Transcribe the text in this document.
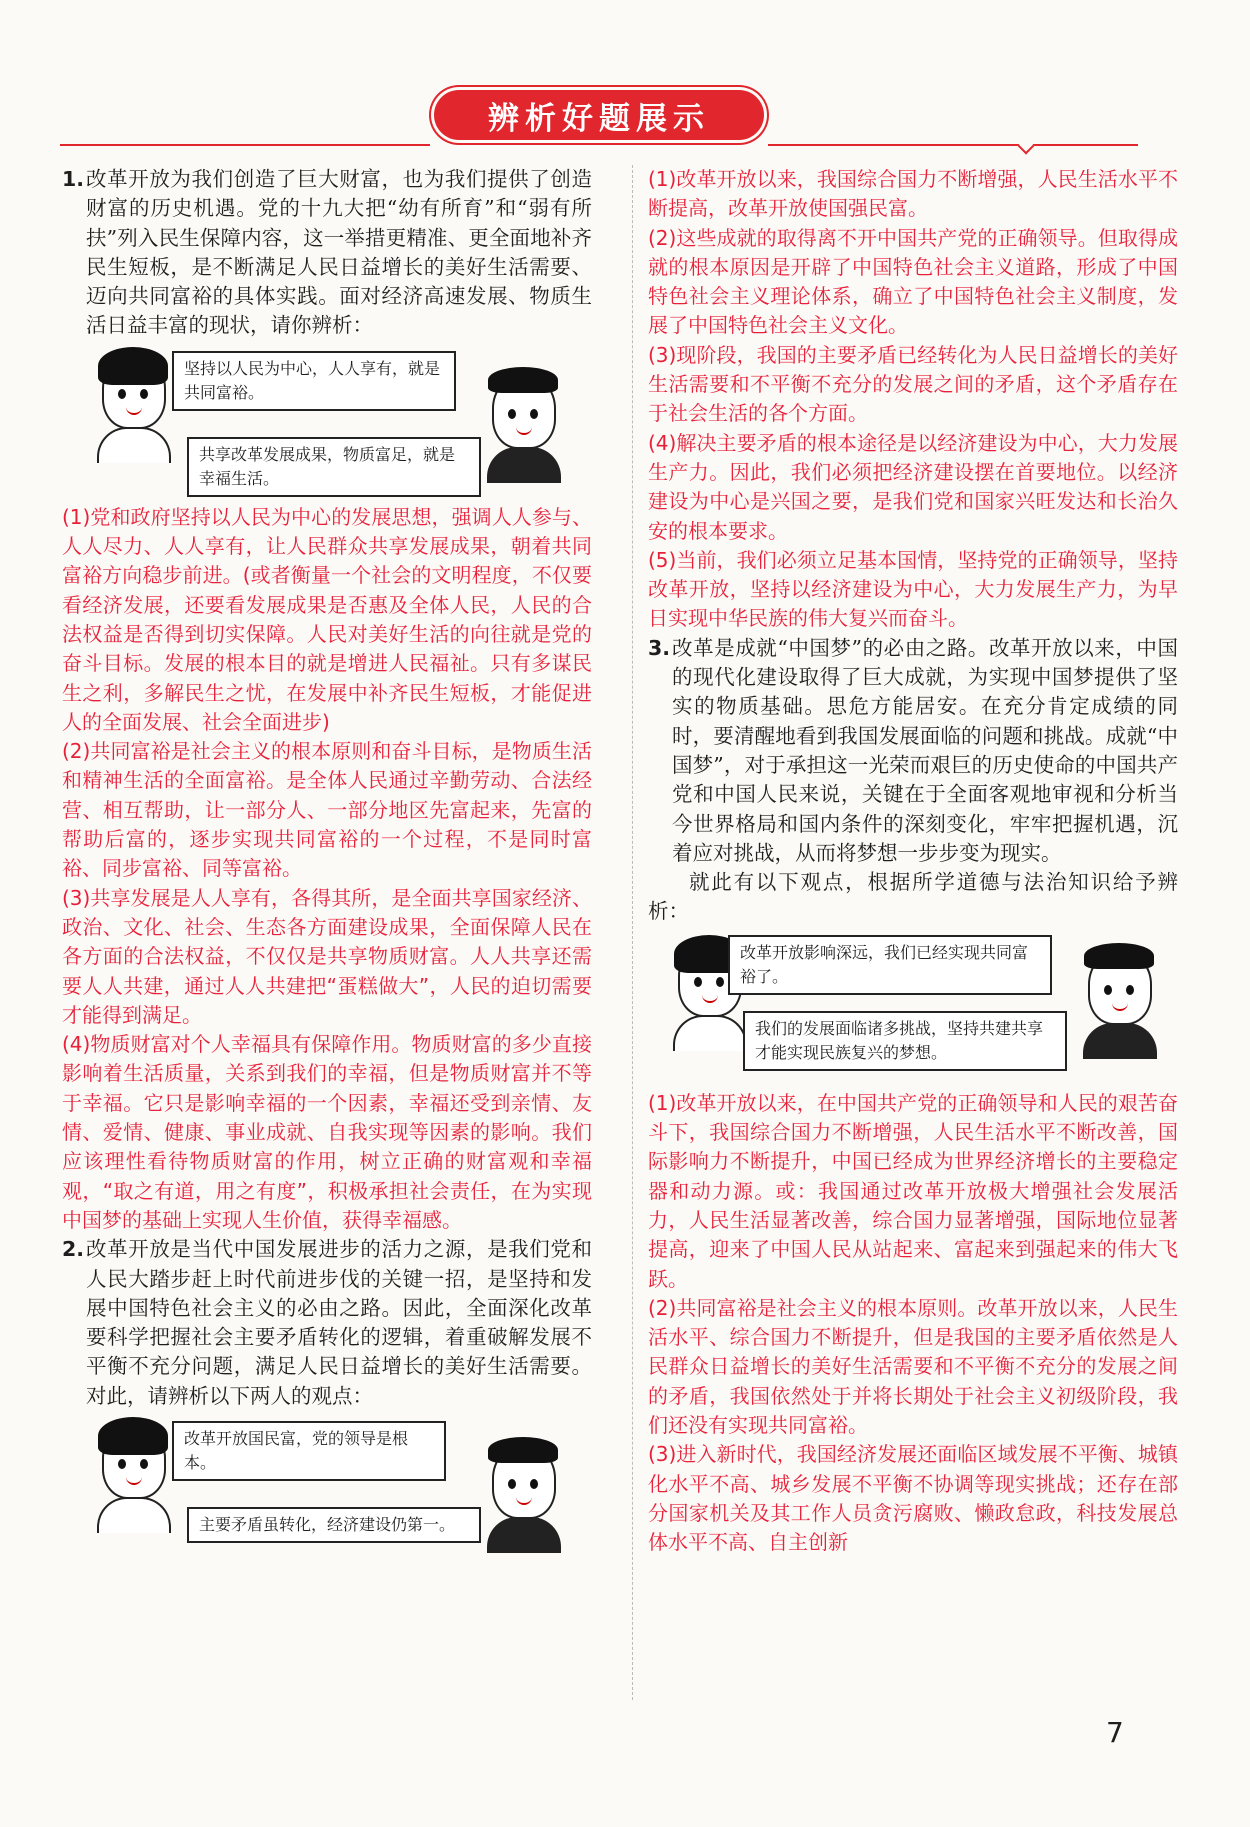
辨析好题展示

1. 改革开放为我们创造了巨大财富，也为我们提供了创造财富的历史机遇。党的十九大把“幼有所育”和“弱有所扶”列入民生保障内容，这一举措更精准、更全面地补齐民生短板，是不断满足人民日益增长的美好生活需要、迈向共同富裕的具体实践。面对经济高速发展、物质生活日益丰富的现状，请你辨析：

坚持以人民为中心，人人享有，就是共同富裕。
共享改革发展成果，物质富足，就是幸福生活。

(1)党和政府坚持以人民为中心的发展思想，强调人人参与、人人尽力、人人享有，让人民群众共享发展成果，朝着共同富裕方向稳步前进。(或者衡量一个社会的文明程度，不仅要看经济发展，还要看发展成果是否惠及全体人民，人民的合法权益是否得到切实保障。人民对美好生活的向往就是党的奋斗目标。发展的根本目的就是增进人民福祉。只有多谋民生之利，多解民生之忧，在发展中补齐民生短板，才能促进人的全面发展、社会全面进步)

(2)共同富裕是社会主义的根本原则和奋斗目标，是物质生活和精神生活的全面富裕。是全体人民通过辛勤劳动、合法经营、相互帮助，让一部分人、一部分地区先富起来，先富的帮助后富的，逐步实现共同富裕的一个过程，不是同时富裕、同步富裕、同等富裕。

(3)共享发展是人人享有，各得其所，是全面共享国家经济、政治、文化、社会、生态各方面建设成果，全面保障人民在各方面的合法权益，不仅仅是共享物质财富。人人共享还需要人人共建，通过人人共建把“蛋糕做大”，人民的迫切需要才能得到满足。

(4)物质财富对个人幸福具有保障作用。物质财富的多少直接影响着生活质量，关系到我们的幸福，但是物质财富并不等于幸福。它只是影响幸福的一个因素，幸福还受到亲情、友情、爱情、健康、事业成就、自我实现等因素的影响。我们应该理性看待物质财富的作用，树立正确的财富观和幸福观，“取之有道，用之有度”，积极承担社会责任，在为实现中国梦的基础上实现人生价值，获得幸福感。

2. 改革开放是当代中国发展进步的活力之源，是我们党和人民大踏步赶上时代前进步伐的关键一招，是坚持和发展中国特色社会主义的必由之路。因此，全面深化改革要科学把握社会主要矛盾转化的逻辑，着重破解发展不平衡不充分问题，满足人民日益增长的美好生活需要。对此，请辨析以下两人的观点：

改革开放国民富，党的领导是根本。
主要矛盾虽转化，经济建设仍第一。

(1)改革开放以来，我国综合国力不断增强，人民生活水平不断提高，改革开放使国强民富。

(2)这些成就的取得离不开中国共产党的正确领导。但取得成就的根本原因是开辟了中国特色社会主义道路，形成了中国特色社会主义理论体系，确立了中国特色社会主义制度，发展了中国特色社会主义文化。

(3)现阶段，我国的主要矛盾已经转化为人民日益增长的美好生活需要和不平衡不充分的发展之间的矛盾，这个矛盾存在于社会生活的各个方面。

(4)解决主要矛盾的根本途径是以经济建设为中心，大力发展生产力。因此，我们必须把经济建设摆在首要地位。以经济建设为中心是兴国之要，是我们党和国家兴旺发达和长治久安的根本要求。

(5)当前，我们必须立足基本国情，坚持党的正确领导，坚持改革开放，坚持以经济建设为中心，大力发展生产力，为早日实现中华民族的伟大复兴而奋斗。

3. 改革是成就“中国梦”的必由之路。改革开放以来，中国的现代化建设取得了巨大成就，为实现中国梦提供了坚实的物质基础。思危方能居安。在充分肯定成绩的同时，要清醒地看到我国发展面临的问题和挑战。成就“中国梦”，对于承担这一光荣而艰巨的历史使命的中国共产党和中国人民来说，关键在于全面客观地审视和分析当今世界格局和国内条件的深刻变化，牢牢把握机遇，沉着应对挑战，从而将梦想一步步变为现实。

就此有以下观点，根据所学道德与法治知识给予辨析：

改革开放影响深远，我们已经实现共同富裕了。
我们的发展面临诸多挑战，坚持共建共享才能实现民族复兴的梦想。

(1)改革开放以来，在中国共产党的正确领导和人民的艰苦奋斗下，我国综合国力不断增强，人民生活水平不断改善，国际影响力不断提升，中国已经成为世界经济增长的主要稳定器和动力源。或：我国通过改革开放极大增强社会发展活力，人民生活显著改善，综合国力显著增强，国际地位显著提高，迎来了中国人民从站起来、富起来到强起来的伟大飞跃。

(2)共同富裕是社会主义的根本原则。改革开放以来，人民生活水平、综合国力不断提升，但是我国的主要矛盾依然是人民群众日益增长的美好生活需要和不平衡不充分的发展之间的矛盾，我国依然处于并将长期处于社会主义初级阶段，我们还没有实现共同富裕。

(3)进入新时代，我国经济发展还面临区域发展不平衡、城镇化水平不高、城乡发展不平衡不协调等现实挑战；还存在部分国家机关及其工作人员贪污腐败、懒政怠政，科技发展总体水平不高、自主创新

7
